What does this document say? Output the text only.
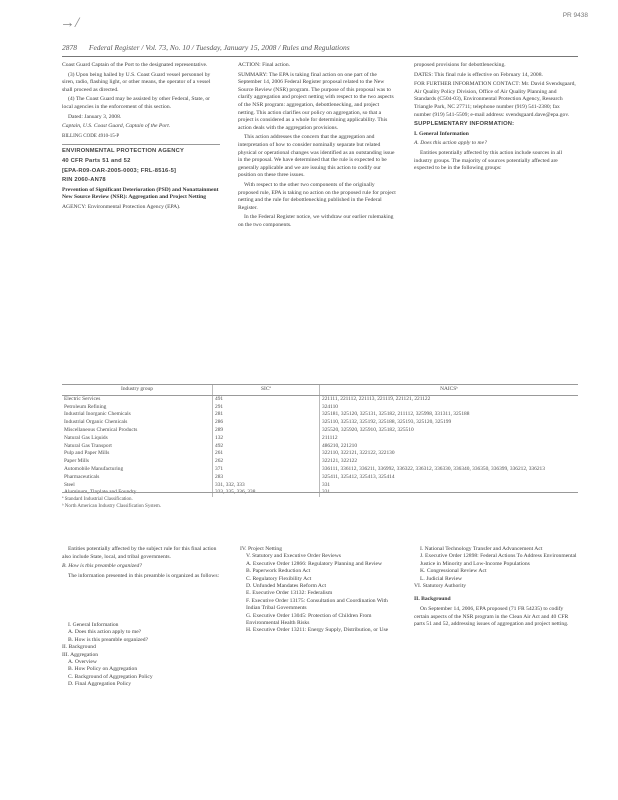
→/	PR 9438
2878 Federal Register / Vol. 73, No. 10 / Tuesday, January 15, 2008 / Rules and Regulations

Coast Guard Captain of the Port to the designated representative.

(3) Upon being hailed by U.S. Coast Guard vessel personnel by siren, radio, flashing light, or other means, the operator of a vessel shall proceed as directed.

(4) The Coast Guard may be assisted by other Federal, State, or local agencies in the enforcement of this section.

Dated: January 3, 2008.

Captain, U.S. Coast Guard, Captain of the Port.

BILLING CODE 4910-15-P

ENVIRONMENTAL PROTECTION AGENCY

40 CFR Parts 51 and 52

[EPA-R09-OAR-2005-0003; FRL-8516-5]

RIN 2060-AN78

Prevention of Significant Deterioration (PSD) and Nonattainment New Source Review (NSR): Aggregation and Project Netting

AGENCY: Environmental Protection Agency (EPA).

ACTION: Final action.

SUMMARY: The EPA is taking final action on one part of the September 14, 2006 Federal Register proposal related to the New Source Review (NSR) program. The purpose of this proposal was to clarify aggregation and project netting with respect to the two aspects of the NSR program: aggregation, debottlenecking, and project netting. This action clarifies our policy on aggregation, so that a project is considered as a whole for determining applicability. This action deals with the aggregation provisions.

This action addresses the concern that the aggregation and interpretation of how to consider nominally separate but related physical or operational changes was identified as an outstanding issue in the proposal. We have determined that the rule is expected to be generally applicable and we are issuing this action to codify our position on these three issues.

With respect to the other two components of the originally proposed rule, EPA is taking no action on the proposed rule for project netting and the rule for debottlenecking published in the Federal Register.

In the Federal Register notice, we withdraw our earlier rulemaking on the two components.

proposed provisions for debottlenecking.

DATES: This final rule is effective on February 14, 2008.

FOR FURTHER INFORMATION CONTACT: Mr. David Svendsgaard, Air Quality Policy Division, Office of Air Quality Planning and Standards (C504-03), Environmental Protection Agency, Research Triangle Park, NC 27711; telephone number (919) 541-2380; fax number (919) 541-5509; e-mail address: svendsgaard.dave@epa.gov.

SUPPLEMENTARY INFORMATION:

I. General Information

A. Does this action apply to me?

Entities potentially affected by this action include sources in all industry groups. The majority of sources potentially affected are expected to be in the following groups:

Industry group	SICª	NAICSᵇ
Electric Services	491	221111, 221112, 221113, 221119, 221121, 221122
Petroleum Refining	291	324110
Industrial Inorganic Chemicals	281	325181, 325120, 325131, 325182, 211112, 325998, 331311, 325188
Industrial Organic Chemicals	286	325110, 325132, 325192, 325188, 325193, 325120, 325199
Miscellaneous Chemical Products	289	325520, 325920, 325910, 325182, 325510
Natural Gas Liquids	132	211112
Natural Gas Transport	492	486210, 221210
Pulp and Paper Mills	261	322110, 322121, 322122, 322130
Paper Mills	262	322121, 322122
Automobile Manufacturing	371	336111, 336112, 336211, 336992, 336322, 336312, 336330, 336340, 336350, 336399, 336212, 336213
Pharmaceuticals	283	325411, 325412, 325413, 325414
Steel	331, 332, 333	331

ª Standard Industrial Classification.
ᵇ North American Industry Classification System.

Entities potentially affected by the subject rule for this final action also include State, local, and tribal governments.

B. How is this preamble organized?

The information presented in this preamble is organized as follows:

I. General Information
A. Does this action apply to me?
B. How is this preamble organized?
II. Background
III. Aggregation
A. Overview
B. How Policy on Aggregation
C. Background of Aggregation Policy
D. Final Aggregation Policy
IV. Project Netting
V. Statutory and Executive Order Reviews
A. Executive Order 12866: Regulatory Planning and Review
B. Paperwork Reduction Act
C. Regulatory Flexibility Act
D. Unfunded Mandates Reform Act
E. Executive Order 13132: Federalism
F. Executive Order 13175: Consultation and Coordination With Indian Tribal Governments
G. Executive Order 13045: Protection of Children From Environmental Health Risks
H. Executive Order 13211: Energy Supply, Distribution, or Use
I. National Technology Transfer and Advancement Act
J. Executive Order 12898: Federal Actions To Address Environmental Justice in Minority and Low-Income Populations
K. Congressional Review Act
L. Judicial Review
VI. Statutory Authority

II. Background

On September 14, 2006, EPA proposed (71 FR 54235) to codify certain aspects of the NSR program in the Clean Air Act and 40 CFR parts 51 and 52, addressing issues of aggregation and project netting.
